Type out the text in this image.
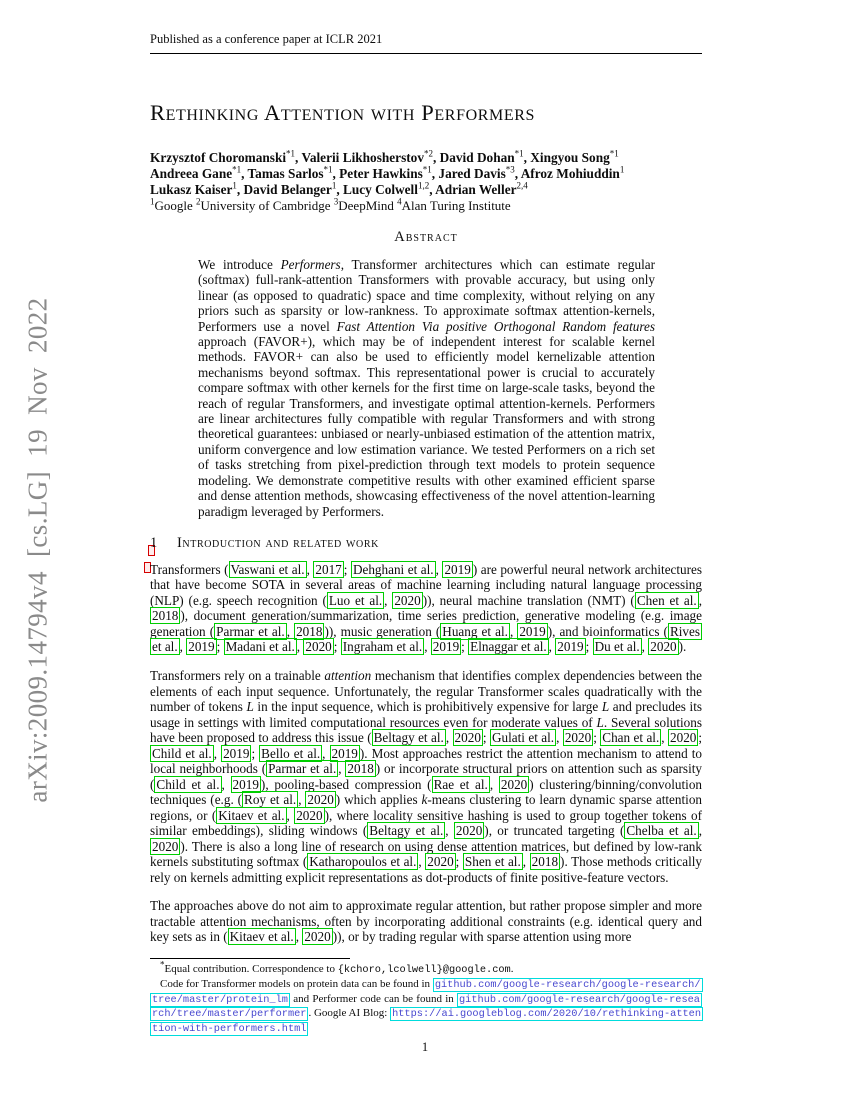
arXiv:2009.14794v4 [cs.LG] 19 Nov 2022
Published as a conference paper at ICLR 2021
Rethinking Attention with Performers
Krzysztof Choromanski$^{*1}$, Valerii Likhosherstov$^{*2}$, David Dohan$^{*1}$, Xingyou Song$^{*1}$
Andreea Gane$^{*1}$, Tamas Sarlos$^{*1}$, Peter Hawkins$^{*1}$, Jared Davis$^{*3}$, Afroz Mohiuddin$^1$
Lukasz Kaiser$^1$, David Belanger$^1$, Lucy Colwell$^{1,2}$, Adrian Weller$^{2,4}$
$^1$Google $^2$University of Cambridge $^3$DeepMind $^4$Alan Turing Institute
Abstract
We introduce Performers, Transformer architectures which can estimate regular (softmax) full-rank-attention Transformers with provable accuracy, but using only linear (as opposed to quadratic) space and time complexity, without relying on any priors such as sparsity or low-rankness. To approximate softmax attention-kernels, Performers use a novel Fast Attention Via positive Orthogonal Random features approach (FAVOR+), which may be of independent interest for scalable kernel methods. FAVOR+ can also be used to efficiently model kernelizable attention mechanisms beyond softmax. This representational power is crucial to accurately compare softmax with other kernels for the first time on large-scale tasks, beyond the reach of regular Transformers, and investigate optimal attention-kernels. Performers are linear architectures fully compatible with regular Transformers and with strong theoretical guarantees: unbiased or nearly-unbiased estimation of the attention matrix, uniform convergence and low estimation variance. We tested Performers on a rich set of tasks stretching from pixel-prediction through text models to protein sequence modeling. We demonstrate competitive results with other examined efficient sparse and dense attention methods, showcasing effectiveness of the novel attention-learning paradigm leveraged by Performers.
1 Introduction and related work

Transformers ( Vaswani et al. , 2017 ; Dehghani et al. , 2019 ) are powerful neural network architectures that have become SOTA in several areas of machine learning including natural language processing (NLP) (e.g. speech recognition ( Luo et al. , 2020 )), neural machine translation (NMT) ( Chen et al. , 2018 ), document generation/summarization, time series prediction, generative modeling (e.g. image generation ( Parmar et al. , 2018 )), music generation ( Huang et al. , 2019 ), and bioinformatics ( Rives et al. , 2019 ; Madani et al. , 2020 ; Ingraham et al. , 2019 ; Elnaggar et al. , 2019 ; Du et al. , 2020 ).

Transformers rely on a trainable attention mechanism that identifies complex dependencies between the elements of each input sequence. Unfortunately, the regular Transformer scales quadratically with the number of tokens L in the input sequence, which is prohibitively expensive for large L and precludes its usage in settings with limited computational resources even for moderate values of L. Several solutions have been proposed to address this issue ( Beltagy et al. , 2020 ; Gulati et al. , 2020 ; Chan et al. , 2020 ; Child et al. , 2019 ; Bello et al. , 2019 ). Most approaches restrict the attention mechanism to attend to local neighborhoods ( Parmar et al. , 2018 ) or incorporate structural priors on attention such as sparsity ( Child et al. , 2019 ), pooling-based compression ( Rae et al. , 2020 ) clustering/binning/convolution techniques (e.g. ( Roy et al. , 2020 ) which applies k-means clustering to learn dynamic sparse attention regions, or ( Kitaev et al. , 2020 ), where locality sensitive hashing is used to group together tokens of similar embeddings), sliding windows ( Beltagy et al. , 2020 ), or truncated targeting ( Chelba et al. , 2020 ). There is also a long line of research on using dense attention matrices, but defined by low-rank kernels substituting softmax ( Katharopoulos et al. , 2020 ; Shen et al. , 2018 ). Those methods critically rely on kernels admitting explicit representations as dot-products of finite positive-feature vectors.

The approaches above do not aim to approximate regular attention, but rather propose simpler and more tractable attention mechanisms, often by incorporating additional constraints (e.g. identical query and key sets as in ( Kitaev et al. , 2020 )), or by trading regular with sparse attention using more

*Equal contribution. Correspondence to {kchoro,lcolwell}@google.com.

Code for Transformer models on protein data can be found in github.com/google-research/google-research/tree/master/protein_lm and Performer code can be found in github.com/google-research/google-research/tree/master/performer . Google AI Blog: https://ai.googleblog.com/2020/10/rethinking-attention-with-performers.html

1
